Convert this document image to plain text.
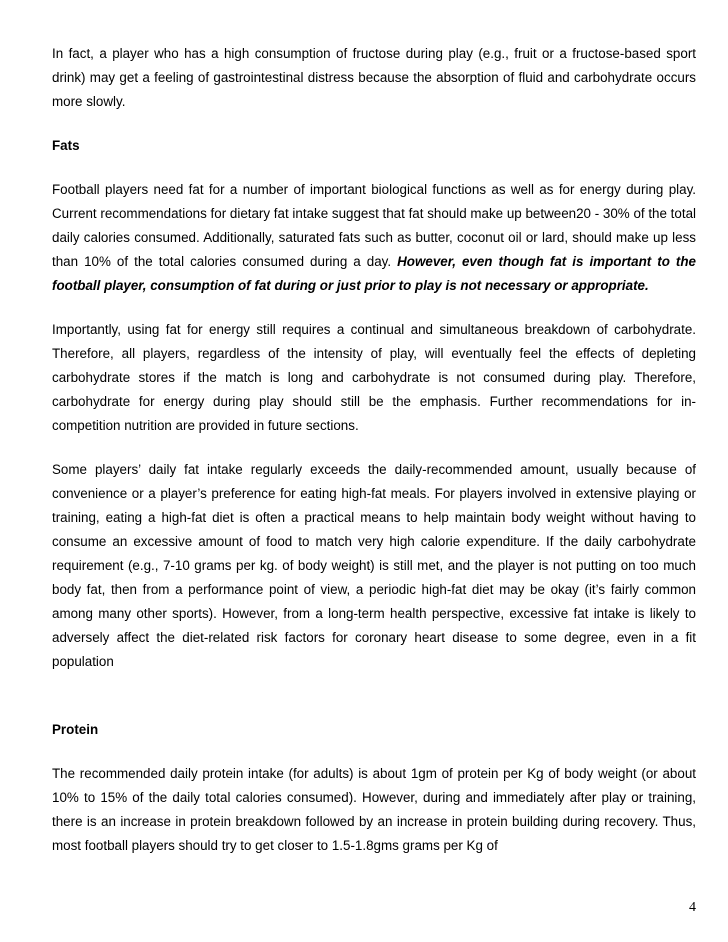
In fact, a player who has a high consumption of fructose during play (e.g., fruit or a fructose-based sport drink) may get a feeling of gastrointestinal distress because the absorption of fluid and carbohydrate occurs more slowly.

Fats

Football players need fat for a number of important biological functions as well as for energy during play. Current recommendations for dietary fat intake suggest that fat should make up between20 - 30% of the total daily calories consumed. Additionally, saturated fats such as butter, coconut oil or lard, should make up less than 10% of the total calories consumed during a day. However, even though fat is important to the football player, consumption of fat during or just prior to play is not necessary or appropriate.

Importantly, using fat for energy still requires a continual and simultaneous breakdown of carbohydrate. Therefore, all players, regardless of the intensity of play, will eventually feel the effects of depleting carbohydrate stores if the match is long and carbohydrate is not consumed during play. Therefore, carbohydrate for energy during play should still be the emphasis. Further recommendations for in-competition nutrition are provided in future sections.

Some players’ daily fat intake regularly exceeds the daily-recommended amount, usually because of convenience or a player’s preference for eating high-fat meals. For players involved in extensive playing or training, eating a high-fat diet is often a practical means to help maintain body weight without having to consume an excessive amount of food to match very high calorie expenditure. If the daily carbohydrate requirement (e.g., 7-10 grams per kg. of body weight) is still met, and the player is not putting on too much body fat, then from a performance point of view, a periodic high-fat diet may be okay (it’s fairly common among many other sports). However, from a long-term health perspective, excessive fat intake is likely to adversely affect the diet-related risk factors for coronary heart disease to some degree, even in a fit population

Protein

The recommended daily protein intake (for adults) is about 1gm of protein per Kg of body weight (or about 10% to 15% of the daily total calories consumed). However, during and immediately after play or training, there is an increase in protein breakdown followed by an increase in protein building during recovery. Thus, most football players should try to get closer to 1.5-1.8gms grams per Kg of

4
